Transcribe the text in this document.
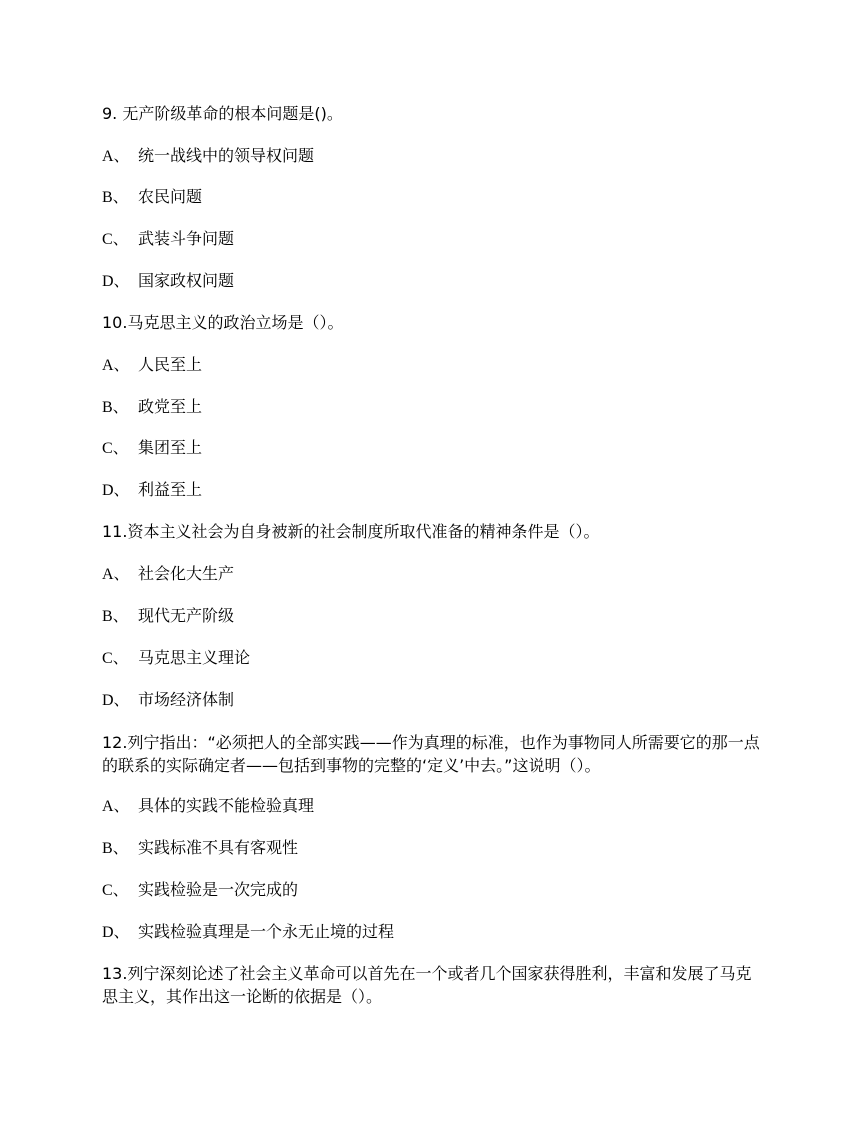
9. 无产阶级革命的根本问题是()。
A、 统一战线中的领导权问题
B、 农民问题
C、 武装斗争问题
D、 国家政权问题
10.马克思主义的政治立场是（）。
A、 人民至上
B、 政党至上
C、 集团至上
D、 利益至上
11.资本主义社会为自身被新的社会制度所取代准备的精神条件是（）。
A、 社会化大生产
B、 现代无产阶级
C、 马克思主义理论
D、 市场经济体制
12.列宁指出：“必须把人的全部实践——作为真理的标准，也作为事物同人所需要它的那一点的联系的实际确定者——包括到事物的完整的‘定义’中去。”这说明（）。
A、 具体的实践不能检验真理
B、 实践标准不具有客观性
C、 实践检验是一次完成的
D、 实践检验真理是一个永无止境的过程
13.列宁深刻论述了社会主义革命可以首先在一个或者几个国家获得胜利，丰富和发展了马克思主义，其作出这一论断的依据是（）。
